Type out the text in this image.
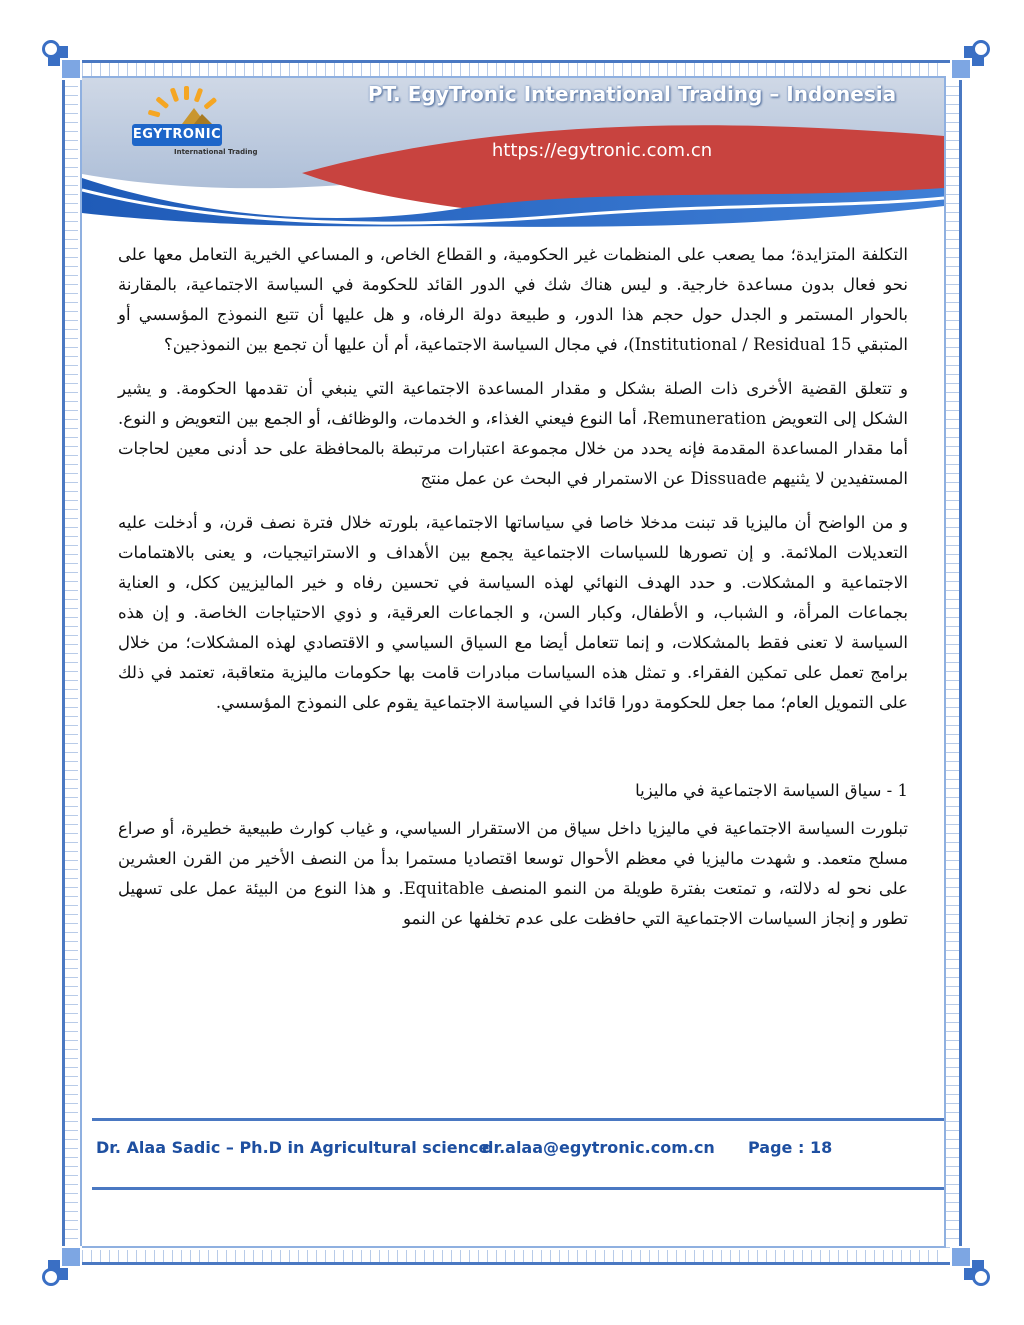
EGYTRONIC
International Trading
PT. EgyTronic International Trading – Indonesia
https://egytronic.com.cn

التكلفة المتزايدة؛ مما يصعب على المنظمات غير الحكومية، و القطاع الخاص، و المساعي الخيرية التعامل معها على نحو فعال بدون مساعدة خارجية. و ليس هناك شك في الدور القائد للحكومة في السياسة الاجتماعية، بالمقارنة بالحوار المستمر و الجدل حول حجم هذا الدور، و طبيعة دولة الرفاه، و هل عليها أن تتبع النموذج المؤسسي أو المتبقي Institutional / Residual 15)، في مجال السياسة الاجتماعية، أم أن عليها أن تجمع بين النموذجين؟

و تتعلق القضية الأخرى ذات الصلة بشكل و مقدار المساعدة الاجتماعية التي ينبغي أن تقدمها الحكومة. و يشير الشكل إلى التعويض Remuneration، أما النوع فيعني الغذاء، و الخدمات، والوظائف، أو الجمع بين التعويض و النوع. أما مقدار المساعدة المقدمة فإنه يحدد من خلال مجموعة اعتبارات مرتبطة بالمحافظة على حد أدنى معين لحاجات المستفيدين لا يثنيهم Dissuade عن الاستمرار في البحث عن عمل منتج

و من الواضح أن ماليزيا قد تبنت مدخلا خاصا في سياساتها الاجتماعية، بلورته خلال فترة نصف قرن، و أدخلت عليه التعديلات الملائمة. و إن تصورها للسياسات الاجتماعية يجمع بين الأهداف و الاستراتيجيات، و يعنى بالاهتمامات الاجتماعية و المشكلات. و حدد الهدف النهائي لهذه السياسة في تحسين رفاه و خير الماليزيين ككل، و العناية بجماعات المرأة، و الشباب، و الأطفال، وكبار السن، و الجماعات العرقية، و ذوي الاحتياجات الخاصة. و إن هذه السياسة لا تعنى فقط بالمشكلات، و إنما تتعامل أيضا مع السياق السياسي و الاقتصادي لهذه المشكلات؛ من خلال برامج تعمل على تمكين الفقراء. و تمثل هذه السياسات مبادرات قامت بها حكومات ماليزية متعاقبة، تعتمد في ذلك على التمويل العام؛ مما جعل للحكومة دورا قائدا في السياسة الاجتماعية يقوم على النموذج المؤسسي.

1 - سياق السياسة الاجتماعية في ماليزيا

تبلورت السياسة الاجتماعية في ماليزيا داخل سياق من الاستقرار السياسي، و غياب كوارث طبيعية خطيرة، أو صراع مسلح متعمد. و شهدت ماليزيا في معظم الأحوال توسعا اقتصاديا مستمرا بدأ من النصف الأخير من القرن العشرين على نحو له دلالته، و تمتعت بفترة طويلة من النمو المنصف Equitable. و هذا النوع من البيئة عمل على تسهيل تطور و إنجاز السياسات الاجتماعية التي حافظت على عدم تخلفها عن النمو

Dr. Alaa Sadic – Ph.D in Agricultural science
dr.alaa@egytronic.com.cn Page : 18
